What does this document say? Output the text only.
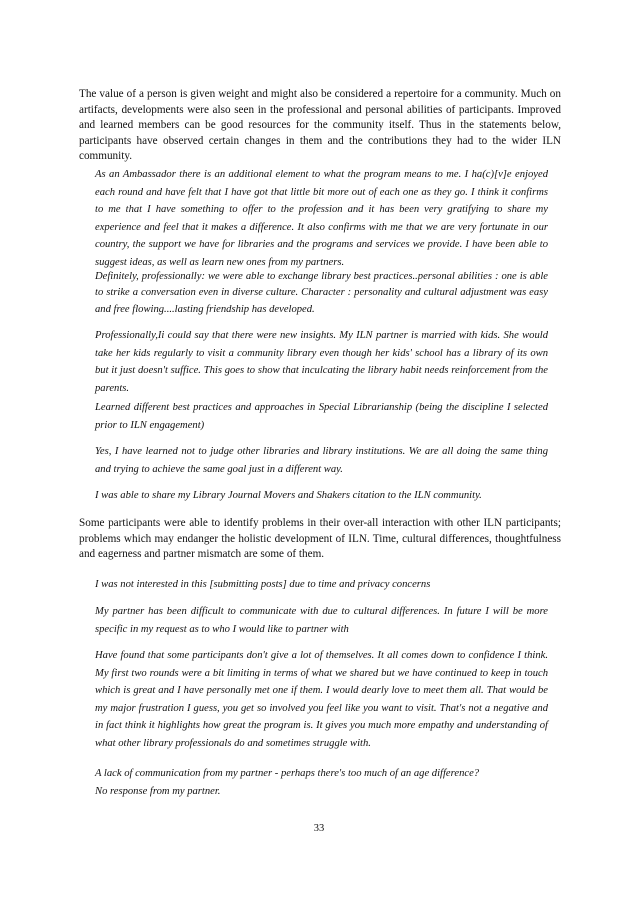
The value of a person is given weight and might also be considered a repertoire for a community. Much on artifacts, developments were also seen in the professional and personal abilities of participants. Improved and learned members can be good resources for the community itself. Thus in the statements below, participants have observed certain changes in them and the contributions they had to the wider ILN community.

As an Ambassador there is an additional element to what the program means to me. I ha(c)[v]e enjoyed each round and have felt that I have got that little bit more out of each one as they go. I think it confirms to me that I have something to offer to the profession and it has been very gratifying to share my experience and feel that it makes a difference. It also confirms with me that we are very fortunate in our country, the support we have for libraries and the programs and services we provide. I have been able to suggest ideas, as well as learn new ones from my partners.

Definitely, professionally: we were able to exchange library best practices..personal abilities : one is able to strike a conversation even in diverse culture. Character : personality and cultural adjustment was easy and free flowing....lasting friendship has developed.

Professionally,Ii could say that there were new insights. My ILN partner is married with kids. She would take her kids regularly to visit a community library even though her kids' school has a library of its own but it just doesn't suffice. This goes to show that inculcating the library habit needs reinforcement from the parents.

Learned different best practices and approaches in Special Librarianship (being the discipline I selected prior to ILN engagement)

Yes, I have learned not to judge other libraries and library institutions. We are all doing the same thing and trying to achieve the same goal just in a different way.

I was able to share my Library Journal Movers and Shakers citation to the ILN community.

Some participants were able to identify problems in their over-all interaction with other ILN participants; problems which may endanger the holistic development of ILN. Time, cultural differences, thoughtfulness and eagerness and partner mismatch are some of them.

I was not interested in this [submitting posts] due to time and privacy concerns

My partner has been difficult to communicate with due to cultural differences. In future I will be more specific in my request as to who I would like to partner with

Have found that some participants don't give a lot of themselves. It all comes down to confidence I think. My first two rounds were a bit limiting in terms of what we shared but we have continued to keep in touch which is great and I have personally met one if them. I would dearly love to meet them all. That would be my major frustration I guess, you get so involved you feel like you want to visit. That's not a negative and in fact think it highlights how great the program is. It gives you much more empathy and understanding of what other library professionals do and sometimes struggle with.

A lack of communication from my partner - perhaps there's too much of an age difference?

No response from my partner.

33
